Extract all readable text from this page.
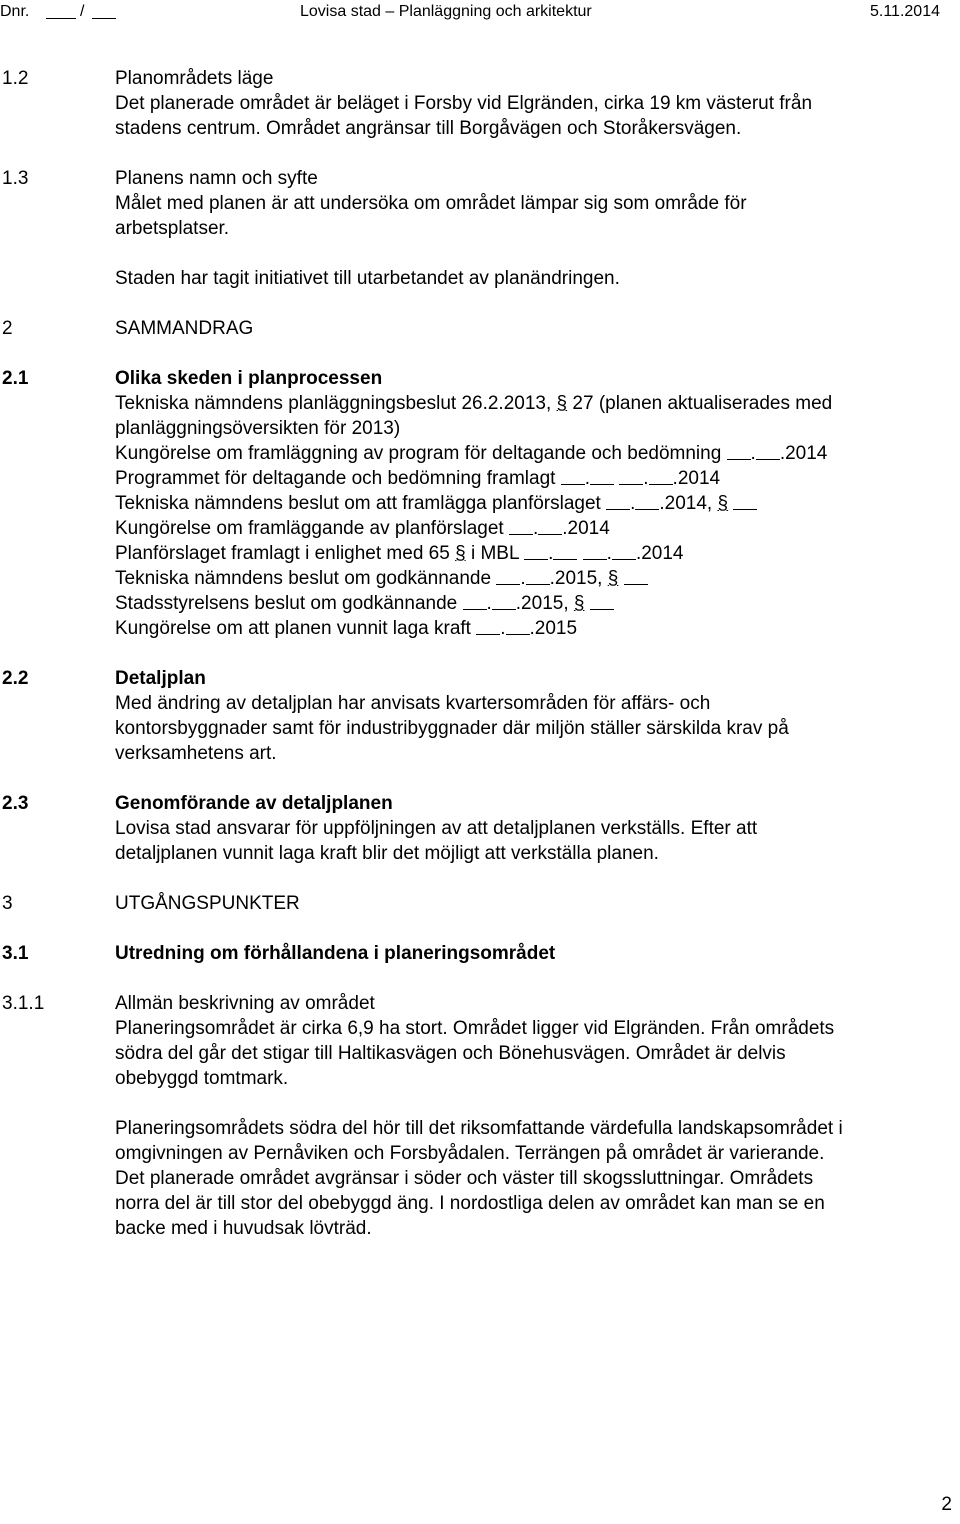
Dnr.	/	Lovisa stad – Planläggning och arkitektur	5.11.2014
1.2	Planområdets läge
Det planerade området är beläget i Forsby vid Elgränden, cirka 19 km västerut från
stadens centrum. Området angränsar till Borgåvägen och Storåkersvägen.
1.3	Planens namn och syfte
Målet med planen är att undersöka om området lämpar sig som område för
arbetsplatser.
Staden har tagit initiativet till utarbetandet av planändringen.
2	SAMMANDRAG
2.1	Olika skeden i planprocessen
Tekniska nämndens planläggningsbeslut 26.2.2013, § 27 (planen aktualiserades med
planläggningsöversikten för 2013)
Kungörelse om framläggning av program för deltagande och bedömning . .2014
Programmet för deltagande och bedömning framlagt .	. .2014
Tekniska nämndens beslut om att framlägga planförslaget . .2014, §
Kungörelse om framläggande av planförslaget . .2014
Planförslaget framlagt i enlighet med 65 § i MBL .	. .2014
Tekniska nämndens beslut om godkännande . .2015, §
Stadsstyrelsens beslut om godkännande . .2015, §
Kungörelse om att planen vunnit laga kraft . .2015
2.2	Detaljplan
Med ändring av detaljplan har anvisats kvartersområden för affärs- och
kontorsbyggnader samt för industribyggnader där miljön ställer särskilda krav på
verksamhetens art.
2.3	Genomförande av detaljplanen
Lovisa stad ansvarar för uppföljningen av att detaljplanen verkställs. Efter att
detaljplanen vunnit laga kraft blir det möjligt att verkställa planen.
3	UTGÅNGSPUNKTER
3.1	Utredning om förhållandena i planeringsområdet
3.1.1	Allmän beskrivning av området
Planeringsområdet är cirka 6,9 ha stort. Området ligger vid Elgränden. Från områdets
södra del går det stigar till Haltikasvägen och Bönehusvägen. Området är delvis
obebyggd tomtmark.
Planeringsområdets södra del hör till det riksomfattande värdefulla landskapsområdet i
omgivningen av Pernåviken och Forsbyådalen. Terrängen på området är varierande.
Det planerade området avgränsar i söder och väster till skogssluttningar. Områdets
norra del är till stor del obebyggd äng. I nordostliga delen av området kan man se en
backe med i huvudsak lövträd.
2
